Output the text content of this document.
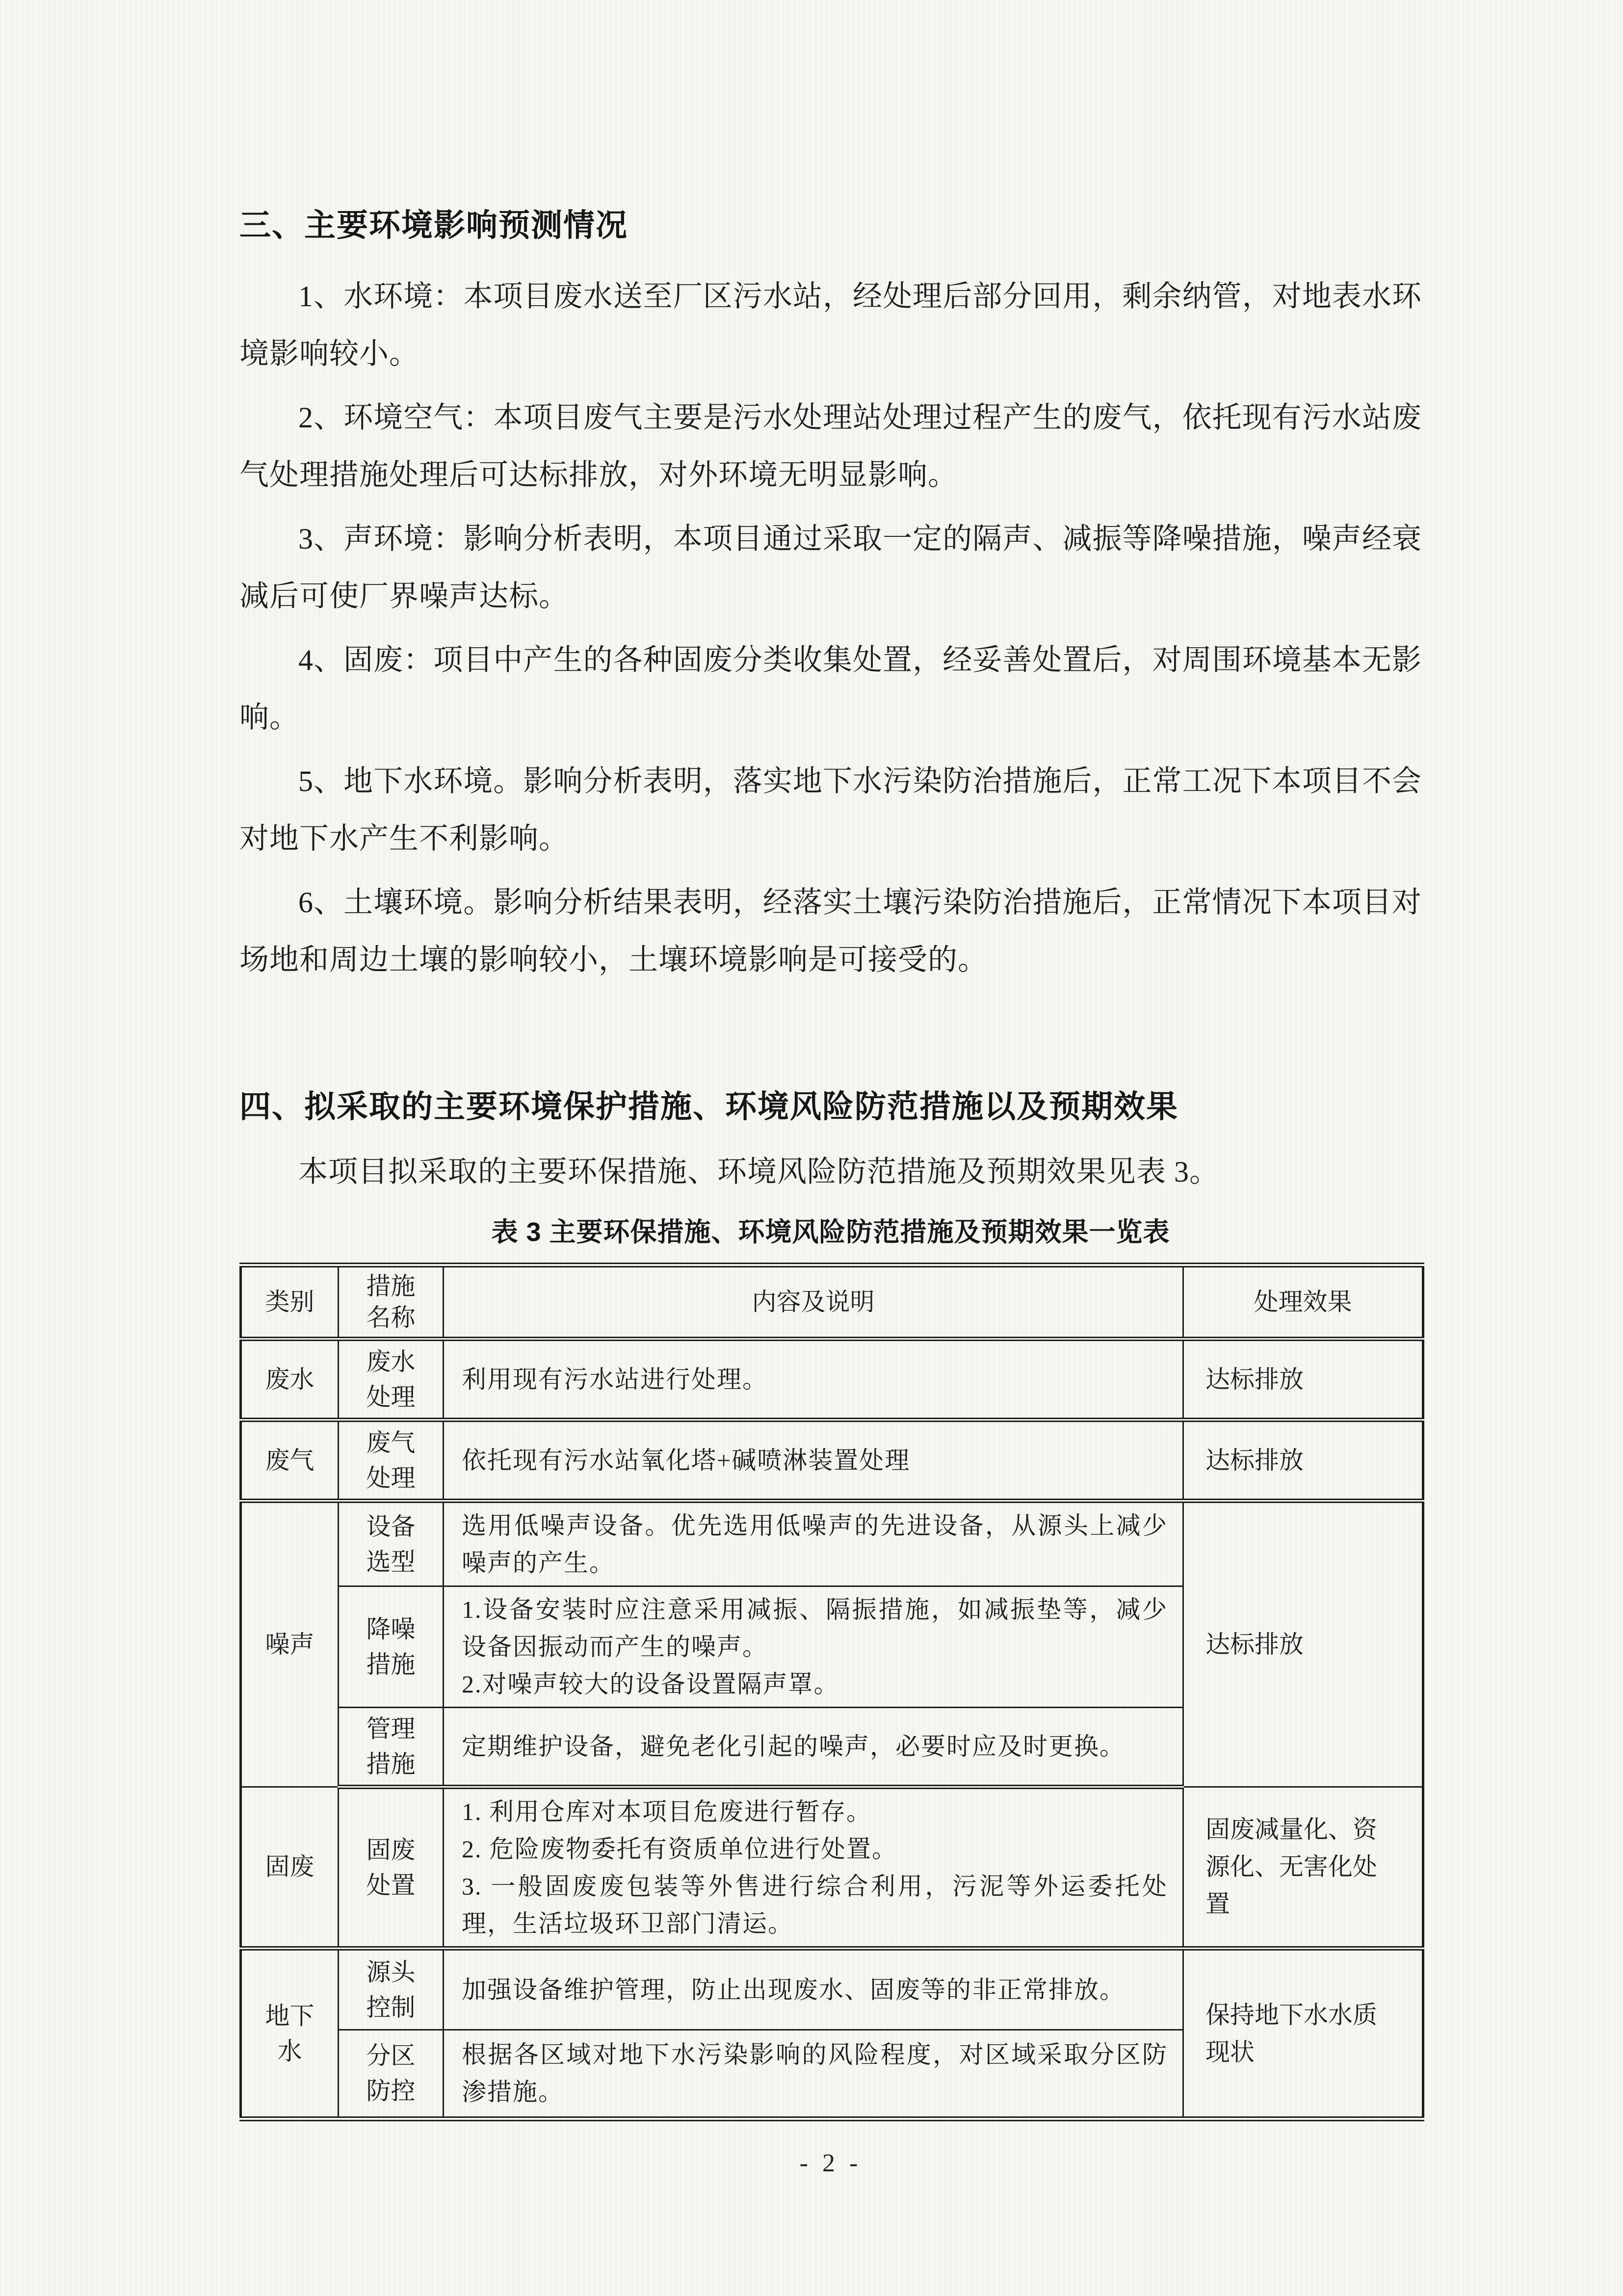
三、主要环境影响预测情况

1、水环境：本项目废水送至厂区污水站，经处理后部分回用，剩余纳管，对地表水环境影响较小。

2、环境空气：本项目废气主要是污水处理站处理过程产生的废气，依托现有污水站废气处理措施处理后可达标排放，对外环境无明显影响。

3、声环境：影响分析表明，本项目通过采取一定的隔声、减振等降噪措施，噪声经衰减后可使厂界噪声达标。

4、固废：项目中产生的各种固废分类收集处置，经妥善处置后，对周围环境基本无影响。

5、地下水环境。影响分析表明，落实地下水污染防治措施后，正常工况下本项目不会对地下水产生不利影响。

6、土壤环境。影响分析结果表明，经落实土壤污染防治措施后，正常情况下本项目对场地和周边土壤的影响较小，土壤环境影响是可接受的。

四、拟采取的主要环境保护措施、环境风险防范措施以及预期效果

本项目拟采取的主要环保措施、环境风险防范措施及预期效果见表 3。

表 3 主要环保措施、环境风险防范措施及预期效果一览表
类别	措施名称	内容及说明	处理效果
废水	废水处理	利用现有污水站进行处理。	达标排放
废气	废气处理	依托现有污水站氧化塔+碱喷淋装置处理	达标排放
噪声	设备选型	选用低噪声设备。优先选用低噪声的先进设备，从源头上减少噪声的产生。	达标排放
	降噪措施	1.设备安装时应注意采用减振、隔振措施，如减振垫等，减少设备因振动而产生的噪声。
2.对噪声较大的设备设置隔声罩。	

	管理措施	定期维护设备，避免老化引起的噪声，必要时应及时更换。	
固废	固废处置	1. 利用仓库对本项目危废进行暂存。
2. 危险废物委托有资质单位进行处置。
3. 一般固废废包装等外售进行综合利用，污泥等外运委托处理，生活垃圾环卫部门清运。	固废减量化、资源化、无害化处置
地下水	源头控制	加强设备维护管理，防止出现废水、固废等的非正常排放。	保持地下水水质现状
	分区防控	根据各区域对地下水污染影响的风险程度，对区域采取分区防渗措施。	
- 2 -
